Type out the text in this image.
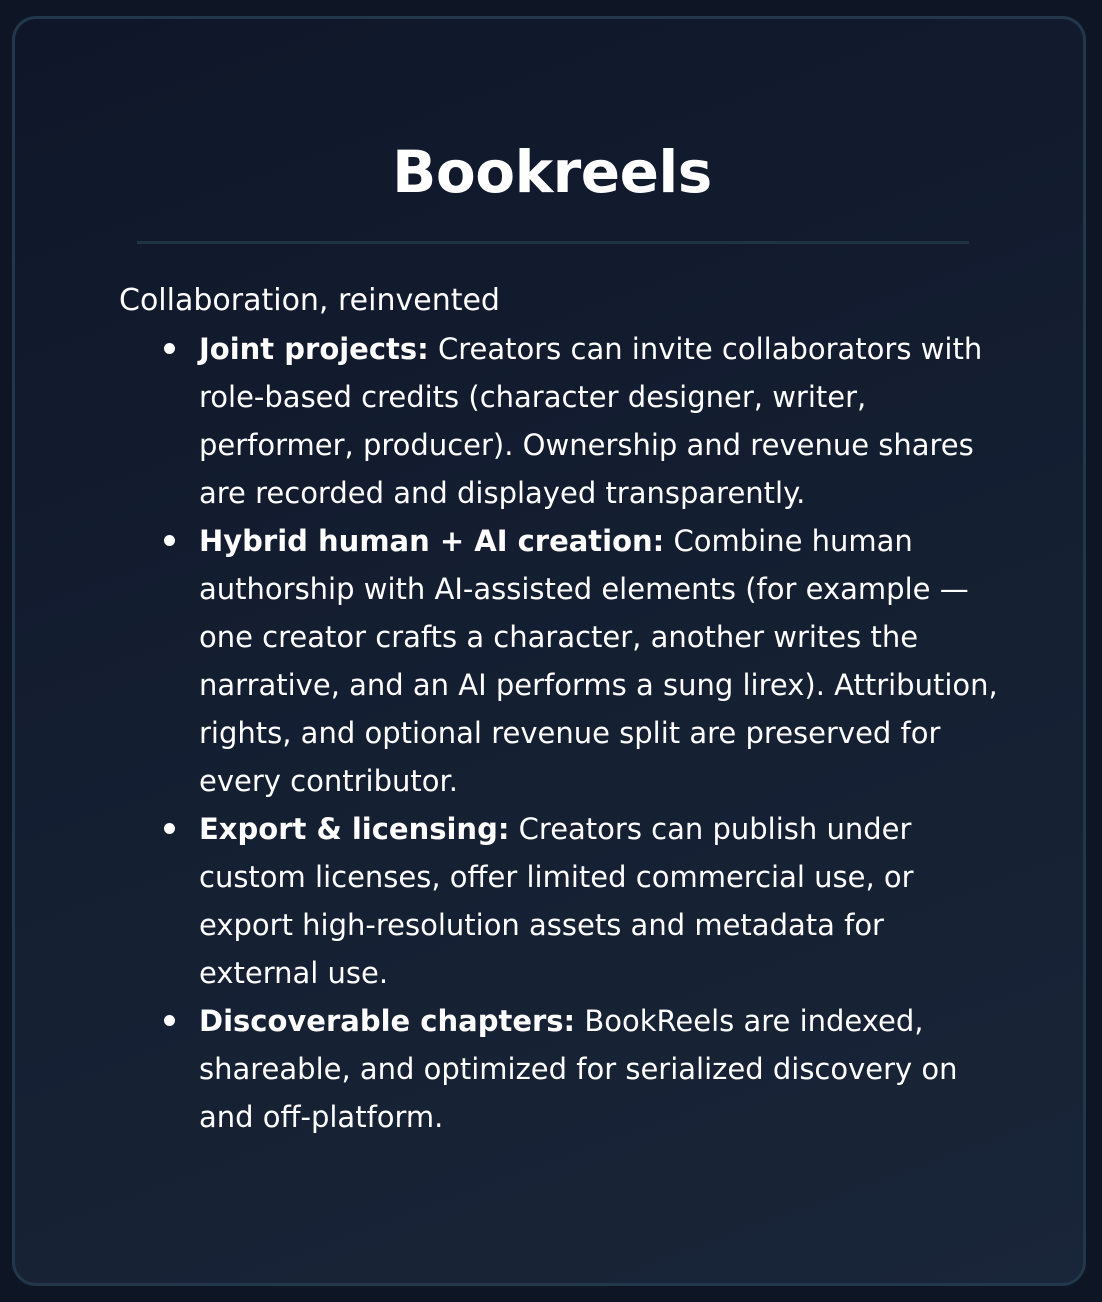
Bookreels

Collaboration, reinvented

Joint projects: Creators can invite collaborators with role-based credits (character designer, writer, performer, producer). Ownership and revenue shares are recorded and displayed transparently.
Hybrid human + AI creation: Combine human authorship with AI-assisted elements (for example — one creator crafts a character, another writes the narrative, and an AI performs a sung lirex). Attribution, rights, and optional revenue split are preserved for every contributor.
Export & licensing: Creators can publish under custom licenses, offer limited commercial use, or export high-resolution assets and metadata for external use.
Discoverable chapters: BookReels are indexed, shareable, and optimized for serialized discovery on and off-platform.
